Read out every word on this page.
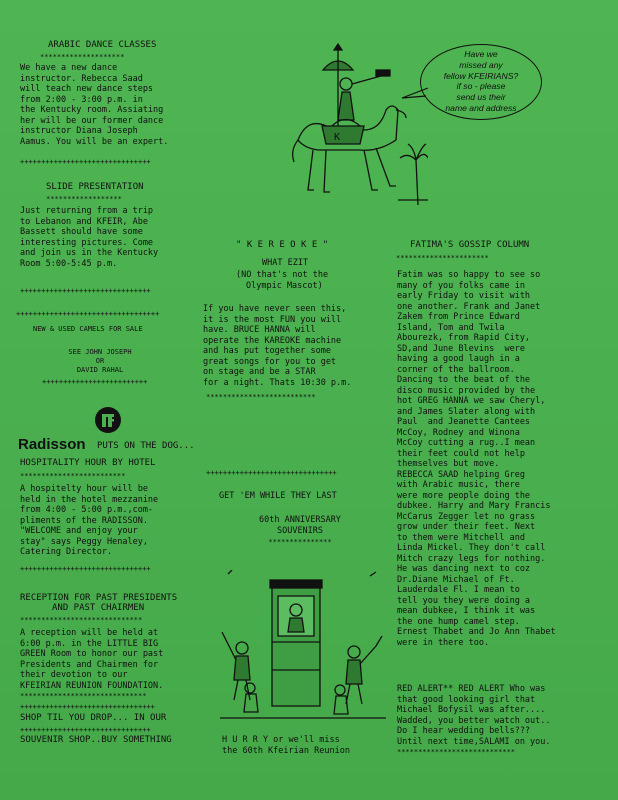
ARABIC DANCE CLASSES
********************
We have a new dance
instructor. Rebecca Saad
will teach new dance steps
from 2:00 - 3:00 p.m. in
the Kentucky room. Assiating
her will be our former dance
instructor Diana Joseph
Aamus. You will be an expert.
+++++++++++++++++++++++++++++++
SLIDE PRESENTATION
******************
Just returning from a trip
to Lebanon and KFEIR, Abe
Bassett should have some
interesting pictures. Come
and join us in the Kentucky
Room 5:00-5:45 p.m.
+++++++++++++++++++++++++++++++
++++++++++++++++++++++++++++++++++
NEW & USED CAMELS FOR SALE
SEE JOHN JOSEPH
OR
DAVID RAHAL
+++++++++++++++++++++++++
Radisson PUTS ON THE DOG...
HOSPITALITY HOUR BY HOTEL
*************************
A hospitelty hour will be
held in the hotel mezzanine
from 4:00 - 5:00 p.m.,com-
pliments of the RADISSON.
"WELCOME and enjoy your
stay" says Peggy Henaley,
Catering Director.
+++++++++++++++++++++++++++++++
RECEPTION FOR PAST PRESIDENTS
AND PAST CHAIRMEN
*****************************
A reception will be held at
6:00 p.m. in the LITTLE BIG
GREEN Room to honor our past
Presidents and Chairmen for
their devotion to our
KFEIRIAN REUNION FOUNDATION.
******************************
++++++++++++++++++++++++++++++++
SHOP TIL YOU DROP... IN OUR
+++++++++++++++++++++++++++++++
SOUVENIR SHOP..BUY SOMETHING
K
Have we
missed any
fellow KFEIRIANS?
if so - please
send us their
name and address
" K E R E O K E "
WHAT EZIT
(NO that's not the
Olympic Mascot)
If you have never seen this,
it is the most FUN you will
have. BRUCE HANNA will
operate the KAREOKE machine
and has put together some
great songs for you to get
on stage and be a STAR
for a night. Thats 10:30 p.m.
**************************
+++++++++++++++++++++++++++++++
GET 'EM WHILE THEY LAST
60th ANNIVERSARY
SOUVENIRS
***************
H U R R Y or we'll miss
the 60th Kfeirian Reunion
FATIMA'S GOSSIP COLUMN
**********************
Fatim was so happy to see so
many of you folks came in
early Friday to visit with
one another. Frank and Janet
Zakem from Prince Edward
Island, Tom and Twila
Abourezk, from Rapid City,
SD,and June Blevins  were
having a good laugh in a
corner of the ballroom.
Dancing to the beat of the
disco music provided by the
hot GREG HANNA we saw Cheryl,
and James Slater along with
Paul  and Jeanette Cantees
McCoy, Rodney and Winona
McCoy cutting a rug..I mean
their feet could not help
themselves but move.
REBECCA SAAD helping Greg
with Arabic music, there
were more people doing the
dubkee. Harry and Mary Francis
McCarus Zegger let no grass
grow under their feet. Next
to them were Mitchell and
Linda Mickel. They don't call
Mitch crazy legs for nothing.
He was dancing next to coz
Dr.Diane Michael of Ft.
Lauderdale Fl. I mean to
tell you they were doing a
mean dubkee, I think it was
the one hump camel step.
Ernest Thabet and Jo Ann Thabet
were in there too.
RED ALERT** RED ALERT Who was
that good looking girl that
Michael Bofysil was after....
Wadded, you better watch out..
Do I hear wedding bells???
Until next time,SALAMI on you.
****************************
